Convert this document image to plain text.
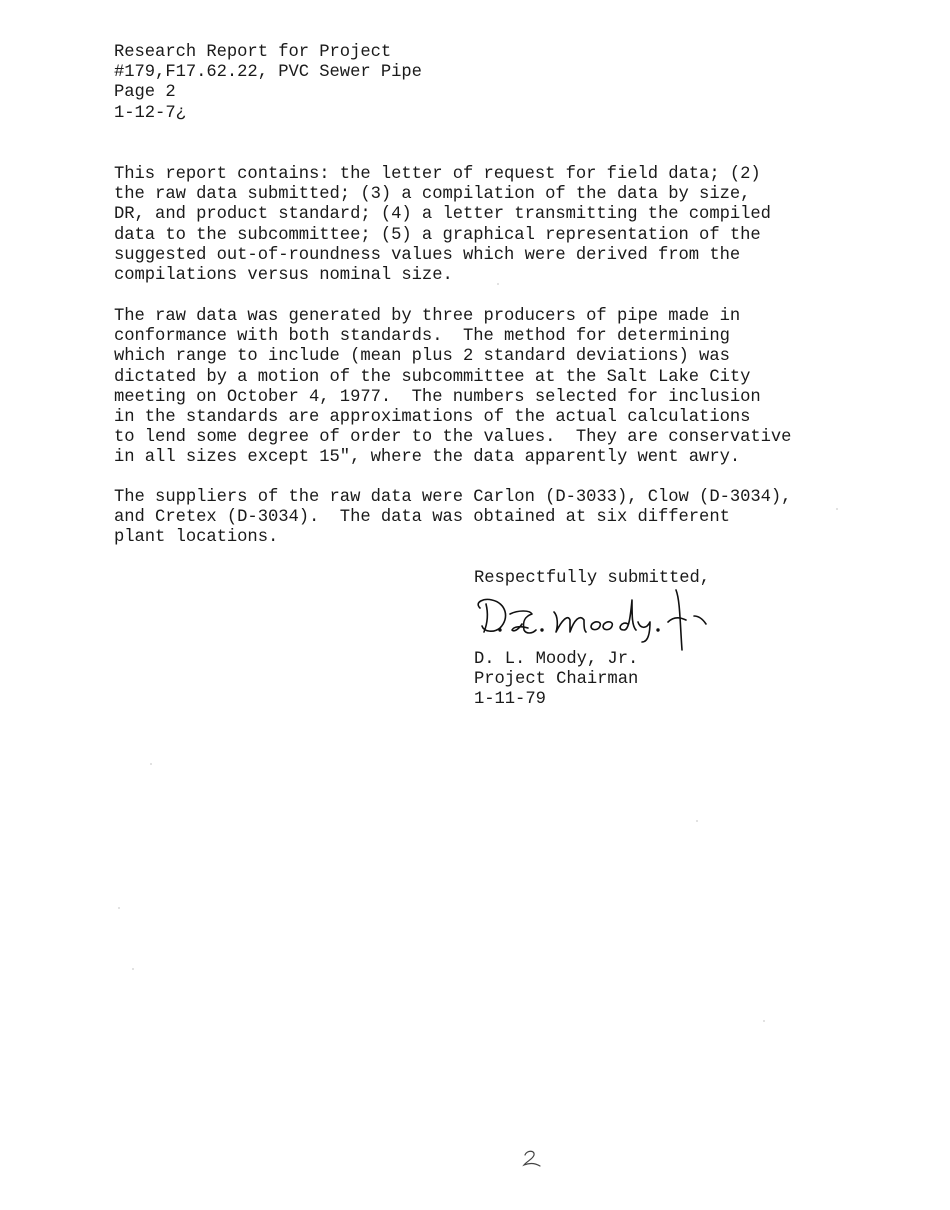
Research Report for Project
#179,F17.62.22, PVC Sewer Pipe
Page 2
1-12-7¿
This report contains: the letter of request for field data; (2)
the raw data submitted; (3) a compilation of the data by size,
DR, and product standard; (4) a letter transmitting the compiled
data to the subcommittee; (5) a graphical representation of the
suggested out-of-roundness values which were derived from the
compilations versus nominal size.
The raw data was generated by three producers of pipe made in
conformance with both standards.  The method for determining
which range to include (mean plus 2 standard deviations) was
dictated by a motion of the subcommittee at the Salt Lake City
meeting on October 4, 1977.  The numbers selected for inclusion
in the standards are approximations of the actual calculations
to lend some degree of order to the values.  They are conservative
in all sizes except 15", where the data apparently went awry.
The suppliers of the raw data were Carlon (D-3033), Clow (D-3034),
and Cretex (D-3034).  The data was obtained at six different
plant locations.
Respectfully submitted,
D. L. Moody, Jr.
D. L. Moody, Jr.
Project Chairman
1-11-79
2
